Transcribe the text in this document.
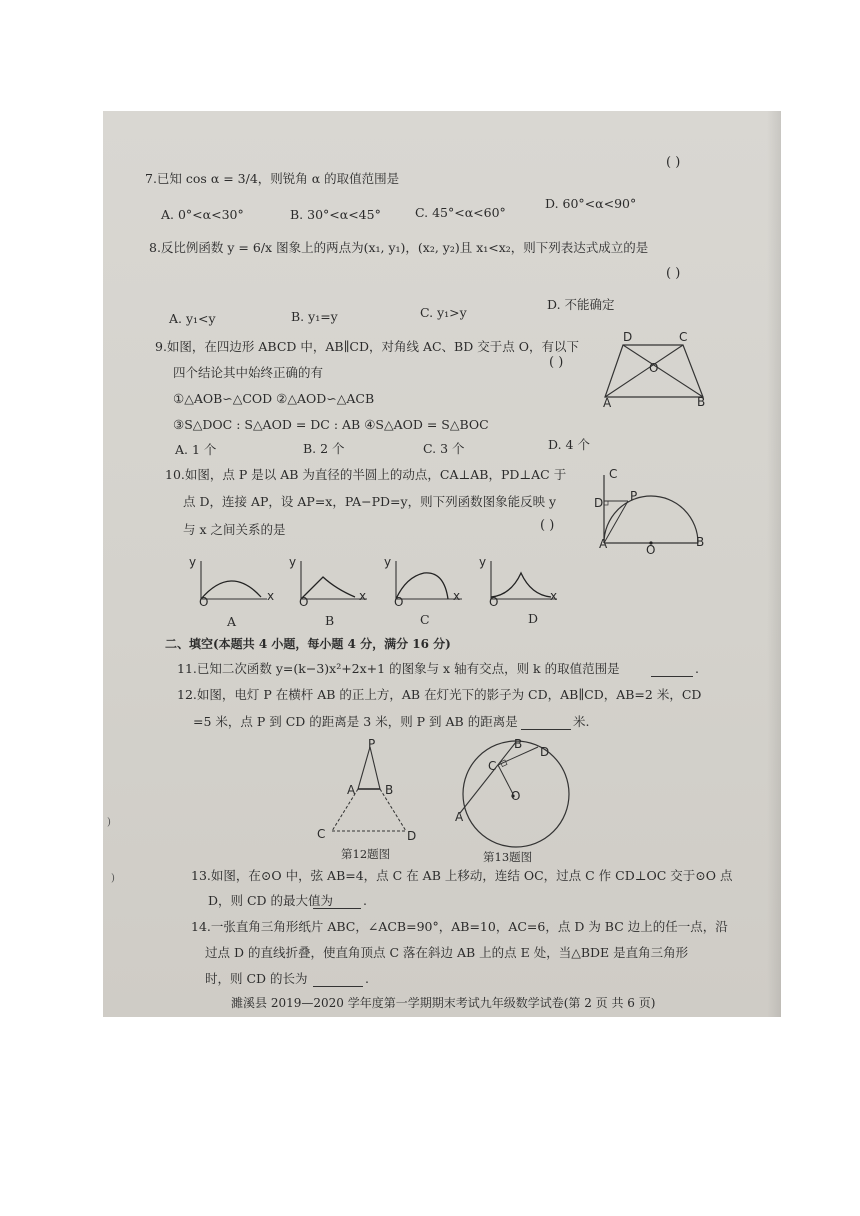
( )
7.已知 cos α = 3/4，则锐角 α 的取值范围是
A. 0°<α<30°	B. 30°<α<45°	C. 45°<α<60°
D. 60°<α<90°
8.反比例函数 y = 6/x 图象上的两点为(x₁, y₁)，(x₂, y₂)且 x₁<x₂，则下列表达式成立的是
( )
A. y₁<y	B. y₁=y	C. y₁>y
D. 不能确定
9.如图，在四边形 ABCD 中，AB∥CD，对角线 AC、BD 交于点 O，有以下
( )
四个结论其中始终正确的有
①△AOB∽△COD ②△AOD∽△ACB
③S△DOC : S△AOD = DC : AB ④S△AOD = S△BOC
A. 1 个	B. 2 个	C. 3 个	D. 4 个
D	C
O
A	B
10.如图，点 P 是以 AB 为直径的半圆上的动点，CA⊥AB，PD⊥AC 于
点 D，连接 AP，设 AP=x，PA−PD=y，则下列函数图象能反映 y
( )
与 x 之间关系的是
C
D P
A	O
B
y
O	x
y
O	x
y
O	x
y
O	x
A	B	C	D
二、填空(本题共 4 小题，每小题 4 分，满分 16 分)
11.已知二次函数 y=(k−3)x²+2x+1 的图象与 x 轴有交点，则 k 的取值范围是	.
12.如图，电灯 P 在横杆 AB 的正上方，AB 在灯光下的影子为 CD，AB∥CD，AB=2 米，CD
=5 米，点 P 到 CD 的距离是 3 米，则 P 到 AB 的距离是	米.
P
A B
C	D
第12题图
B
D
C
O
A
第13题图
13.如图，在⊙O 中，弦 AB=4，点 C 在 AB 上移动，连结 OC，过点 C 作 CD⊥OC 交于⊙O 点
D，则 CD 的最大值为 .
14.一张直角三角形纸片 ABC，∠ACB=90°，AB=10，AC=6，点 D 为 BC 边上的任一点，沿
过点 D 的直线折叠，使直角顶点 C 落在斜边 AB 上的点 E 处，当△BDE 是直角三角形
时，则 CD 的长为	.
濉溪县 2019—2020 学年度第一学期期末考试九年级数学试卷(第 2 页 共 6 页)
)
)
